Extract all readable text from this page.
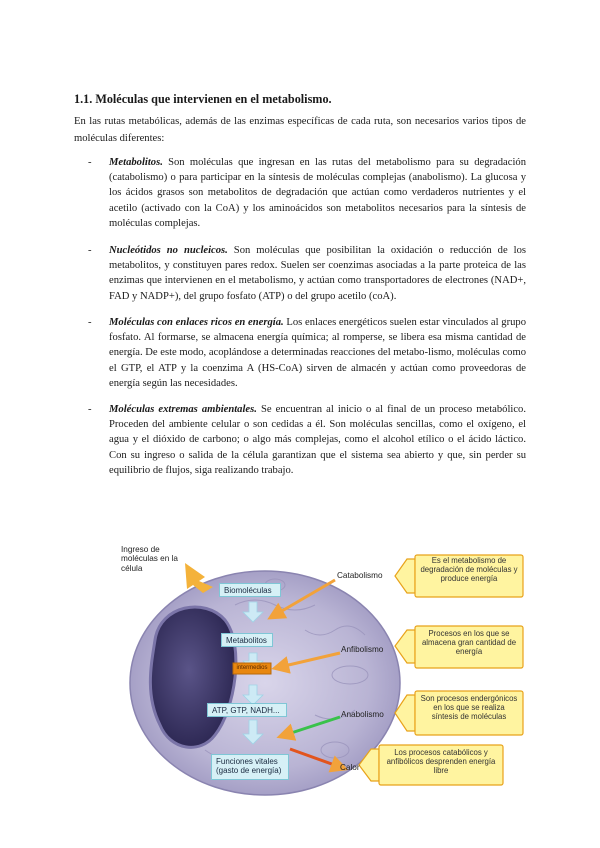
1.1. Moléculas que intervienen en el metabolismo.

En las rutas metabólicas, además de las enzimas específicas de cada ruta, son necesarios varios tipos de moléculas diferentes:

- Metabolitos. Son moléculas que ingresan en las rutas del metabolismo para su degradación (catabolismo) o para participar en la síntesis de moléculas complejas (anabolismo). La glucosa y los ácidos grasos son metabolitos de degradación que actúan como verdaderos nutrientes y el acetilo (activado con la CoA) y los aminoácidos son metabolitos necesarios para la síntesis de moléculas complejas.
- Nucleótidos no nucleicos. Son moléculas que posibilitan la oxidación o reducción de los metabolitos, y constituyen pares redox. Suelen ser coenzimas asociadas a la parte proteica de las enzimas que intervienen en el metabolismo, y actúan como transportadores de electrones (NAD+, FAD y NADP+), del grupo fosfato (ATP) o del grupo acetilo (coA).
- Moléculas con enlaces ricos en energía. Los enlaces energéticos suelen estar vinculados al grupo fosfato. Al formarse, se almacena energía química; al romperse, se libera esa misma cantidad de energía. De este modo, acoplándose a determinadas reacciones del metabo-lismo, moléculas como el GTP, el ATP y la coenzima A (HS-CoA) sirven de almacén y actúan como proveedoras de energía según las necesidades.
- Moléculas extremas ambientales. Se encuentran al inicio o al final de un proceso metabólico. Proceden del ambiente celular o son cedidas a él. Son moléculas sencillas, como el oxígeno, el agua y el dióxido de carbono; o algo más complejas, como el alcohol etílico o el ácido láctico. Con su ingreso o salida de la célula garantizan que el sistema sea abierto y que, sin perder su equilibrio de flujos, siga realizando trabajo.
Ingreso de moléculas en la célula
Biomoléculas
Metabolitos
intermedios
ATP, GTP, NADH...
Funciones vitales (gasto de energía)
Catabolismo
Anfibolismo
Anabolismo
Calor
Es el metabolismo de degradación de moléculas y produce energía
Procesos en los que se almacena gran cantidad de energía
Son procesos endergónicos en los que se realiza síntesis de moléculas
Los procesos catabólicos y anfibólicos desprenden energía libre
